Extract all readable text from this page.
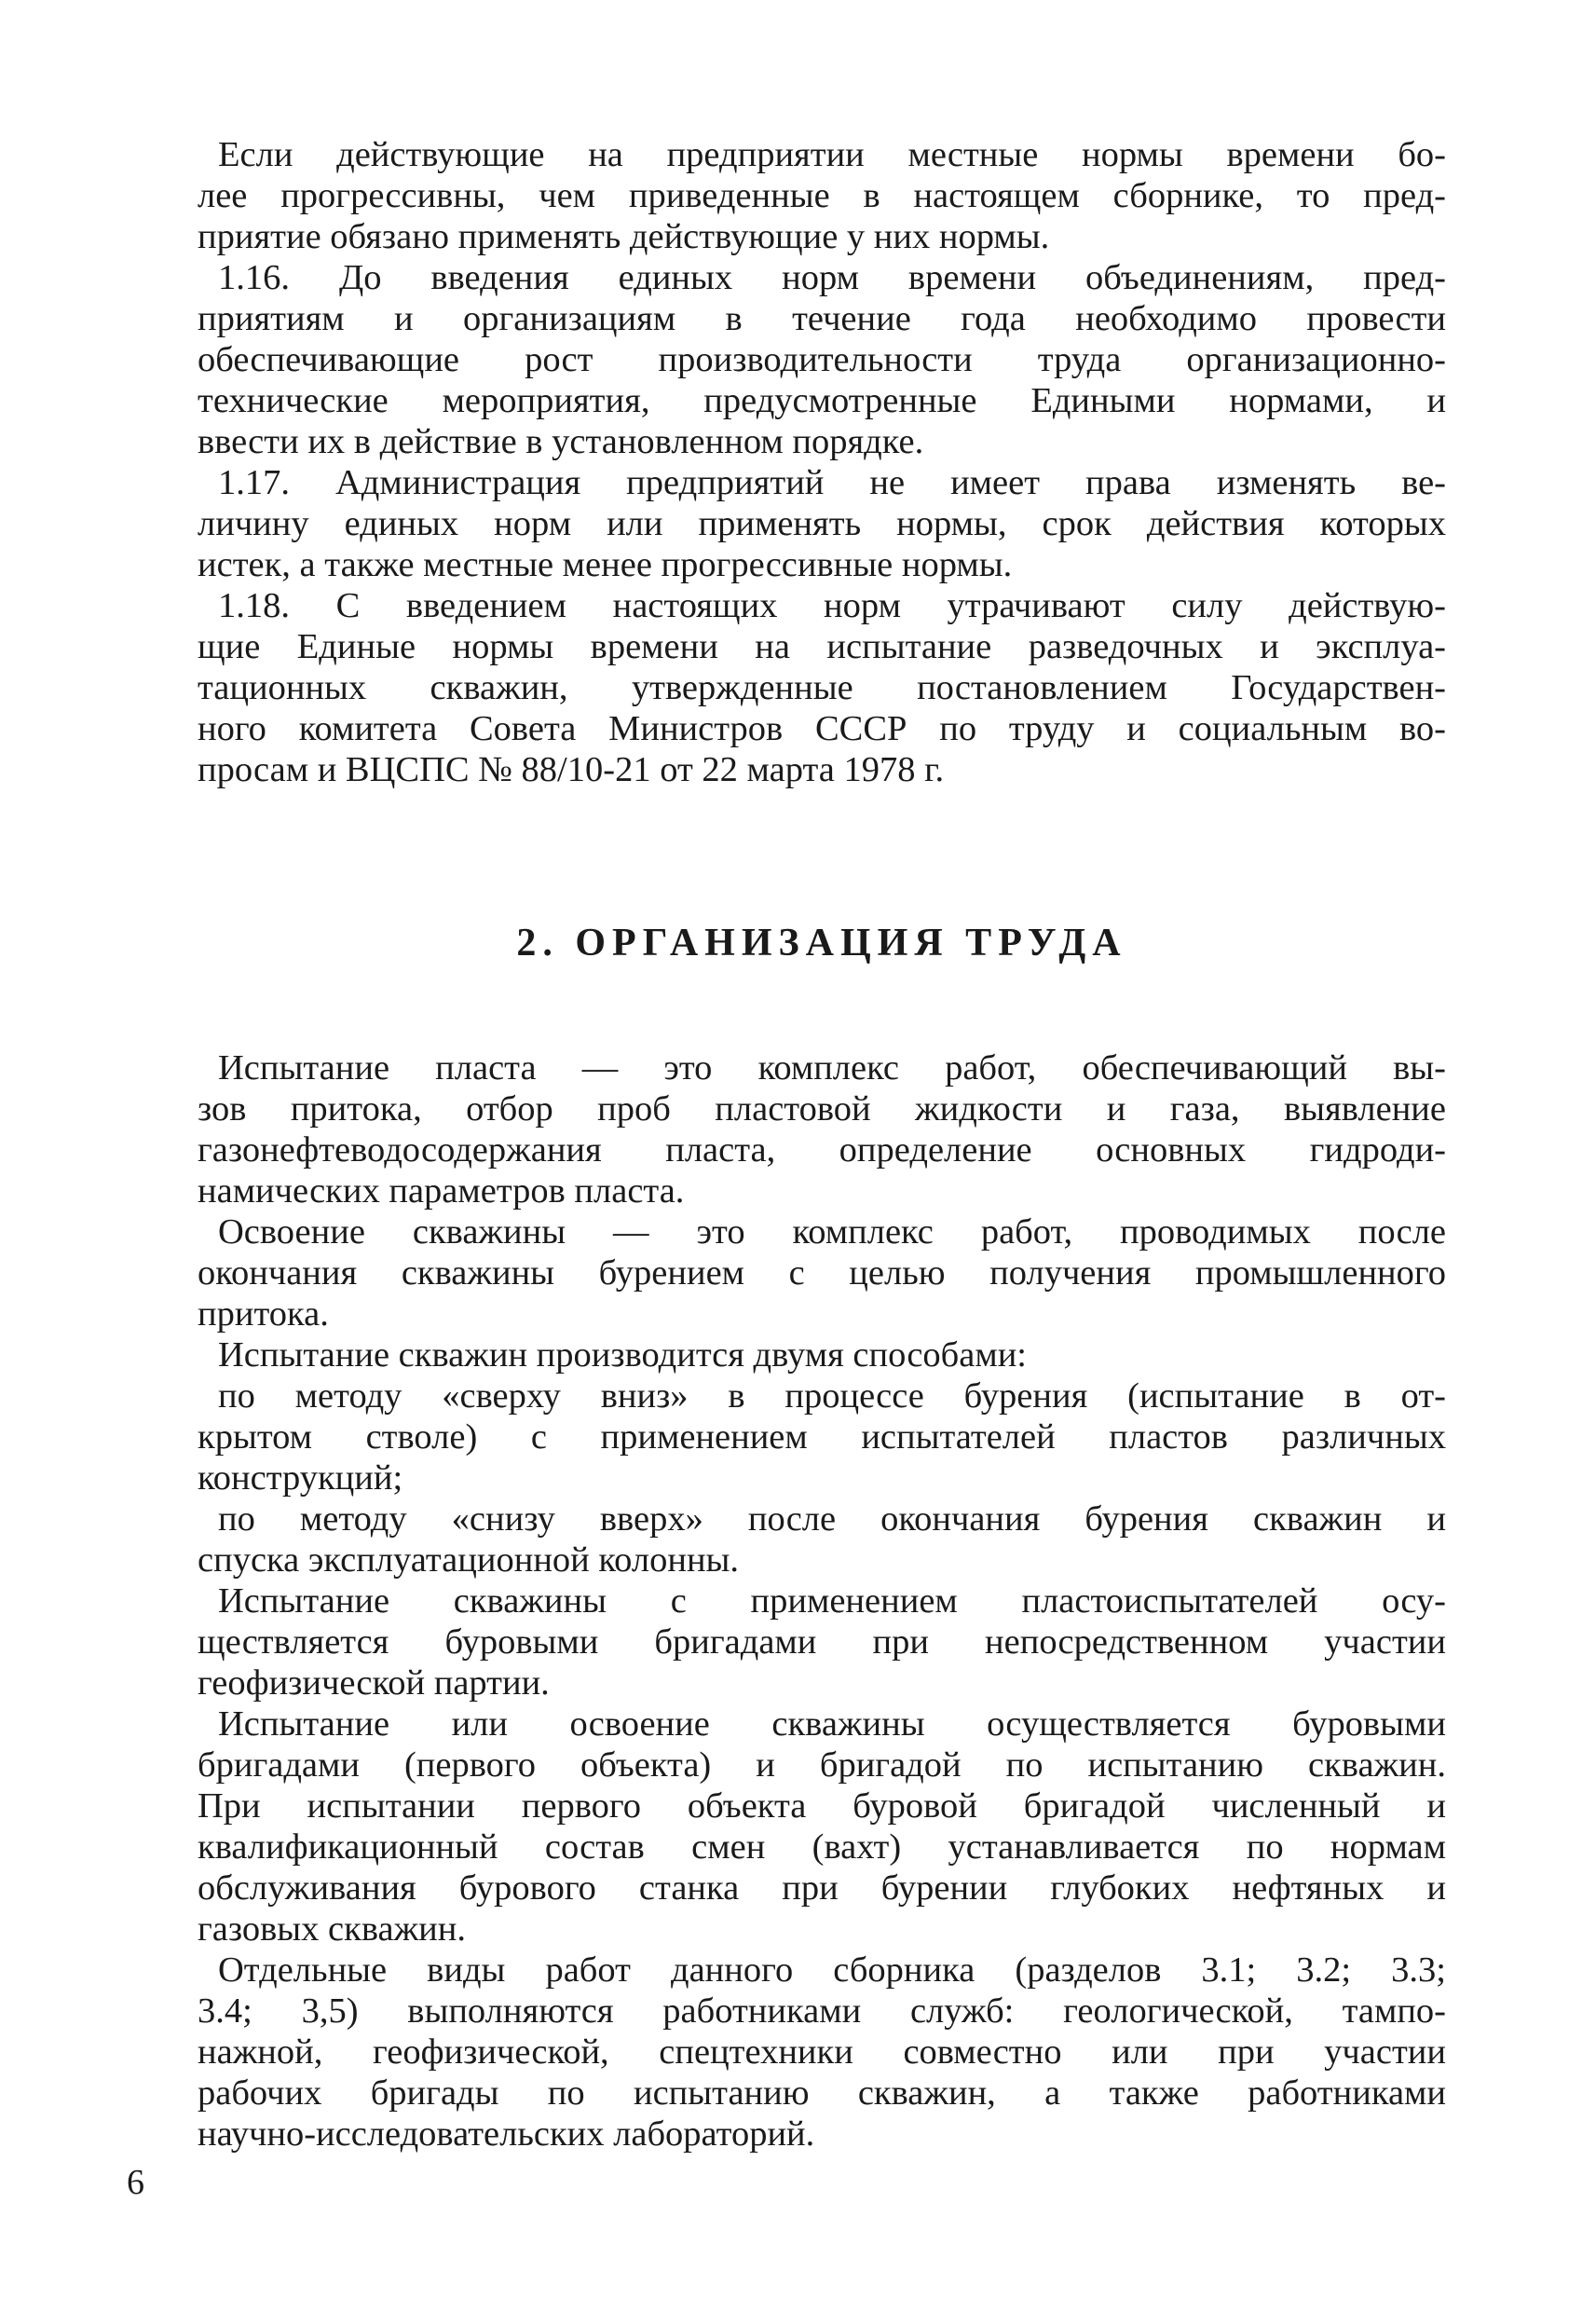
Если действующие на предприятии местные нормы времени бо-
лее прогрессивны, чем приведенные в настоящем сборнике, то пред-
приятие обязано применять действующие у них нормы.
1.16. До введения единых норм времени объединениям, пред-
приятиям и организациям в течение года необходимо провести
обеспечивающие рост производительности труда организационно-
технические мероприятия, предусмотренные Едиными нормами, и
ввести их в действие в установленном порядке.
1.17. Администрация предприятий не имеет права изменять ве-
личину единых норм или применять нормы, срок действия которых
истек, а также местные менее прогрессивные нормы.
1.18. С введением настоящих норм утрачивают силу действую-
щие Единые нормы времени на испытание разведочных и эксплуа-
тационных скважин, утвержденные постановлением Государствен-
ного комитета Совета Министров СССР по труду и социальным во-
просам и ВЦСПС № 88/10-21 от 22 марта 1978 г.
2. ОРГАНИЗАЦИЯ ТРУДА
Испытание пласта — это комплекс работ, обеспечивающий вы-
зов притока, отбор проб пластовой жидкости и газа, выявление
газонефтеводосодержания пласта, определение основных гидроди-
намических параметров пласта.
Освоение скважины — это комплекс работ, проводимых после
окончания скважины бурением с целью получения промышленного
притока.
Испытание скважин производится двумя способами:
по методу «сверху вниз» в процессе бурения (испытание в от-
крытом стволе) с применением испытателей пластов различных
конструкций;
по методу «снизу вверх» после окончания бурения скважин и
спуска эксплуатационной колонны.
Испытание скважины с применением пластоиспытателей осу-
ществляется буровыми бригадами при непосредственном участии
геофизической партии.
Испытание или освоение скважины осуществляется буровыми
бригадами (первого объекта) и бригадой по испытанию скважин.
При испытании первого объекта буровой бригадой численный и
квалификационный состав смен (вахт) устанавливается по нормам
обслуживания бурового станка при бурении глубоких нефтяных и
газовых скважин.
Отдельные виды работ данного сборника (разделов 3.1; 3.2; 3.3;
3.4; 3,5) выполняются работниками служб: геологической, тампо-
нажной, геофизической, спецтехники совместно или при участии
рабочих бригады по испытанию скважин, а также работниками
научно-исследовательских лабораторий.
6
